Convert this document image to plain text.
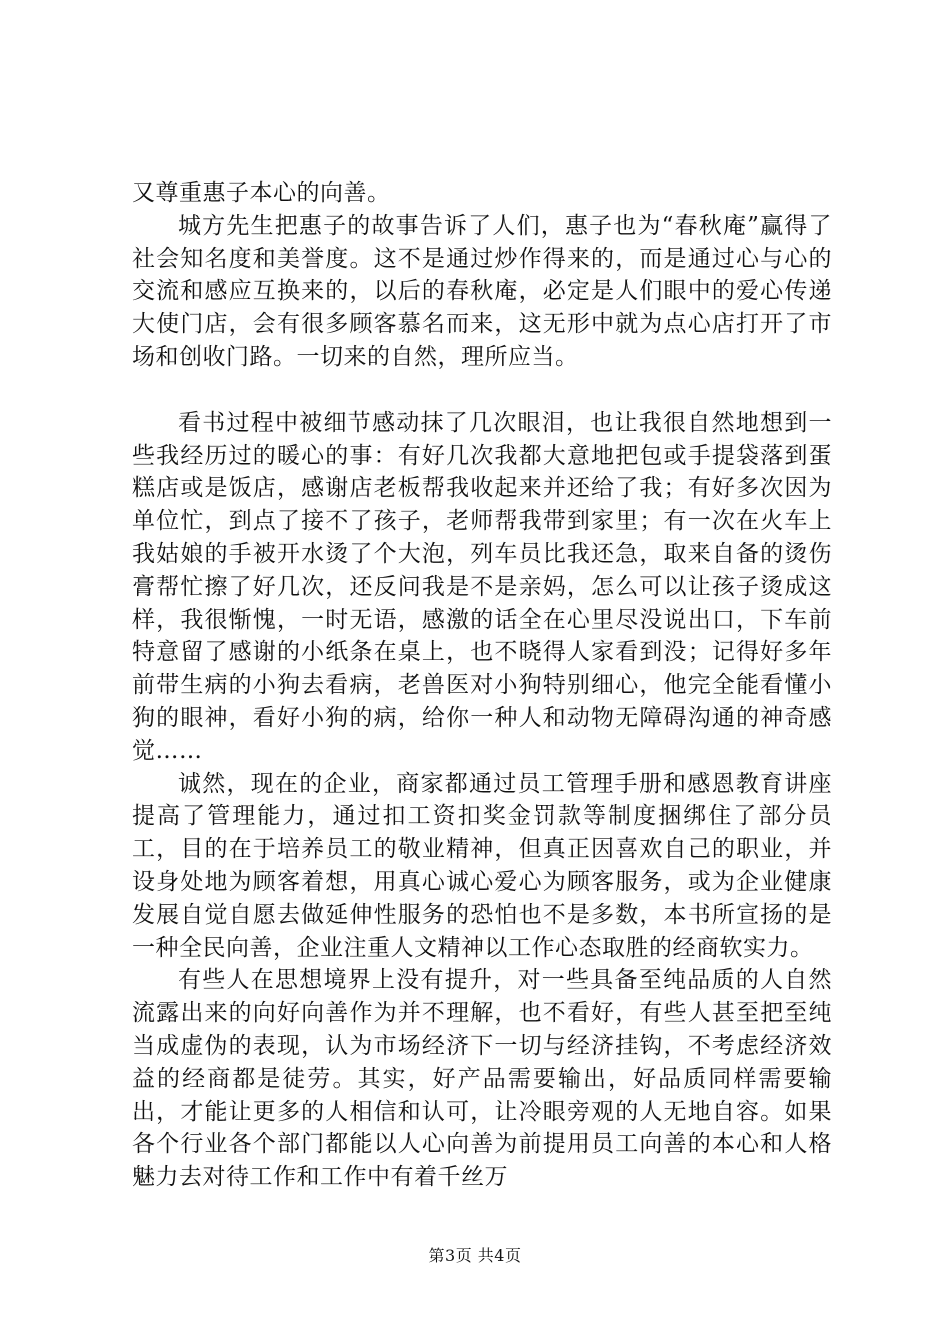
又尊重惠子本心的向善。

城方先生把惠子的故事告诉了人们，惠子也为“春秋庵”赢得了社会知名度和美誉度。这不是通过炒作得来的，而是通过心与心的交流和感应互换来的，以后的春秋庵，必定是人们眼中的爱心传递大使门店，会有很多顾客慕名而来，这无形中就为点心店打开了市场和创收门路。一切来的自然，理所应当。

看书过程中被细节感动抹了几次眼泪，也让我很自然地想到一些我经历过的暖心的事：有好几次我都大意地把包或手提袋落到蛋糕店或是饭店，感谢店老板帮我收起来并还给了我；有好多次因为单位忙，到点了接不了孩子，老师帮我带到家里；有一次在火车上我姑娘的手被开水烫了个大泡，列车员比我还急，取来自备的烫伤膏帮忙擦了好几次，还反问我是不是亲妈，怎么可以让孩子烫成这样，我很惭愧，一时无语，感激的话全在心里尽没说出口，下车前特意留了感谢的小纸条在桌上，也不晓得人家看到没；记得好多年前带生病的小狗去看病，老兽医对小狗特别细心，他完全能看懂小狗的眼神，看好小狗的病，给你一种人和动物无障碍沟通的神奇感觉……

诚然，现在的企业，商家都通过员工管理手册和感恩教育讲座提高了管理能力，通过扣工资扣奖金罚款等制度捆绑住了部分员工，目的在于培养员工的敬业精神，但真正因喜欢自己的职业，并设身处地为顾客着想，用真心诚心爱心为顾客服务，或为企业健康发展自觉自愿去做延伸性服务的恐怕也不是多数，本书所宣扬的是一种全民向善，企业注重人文精神以工作心态取胜的经商软实力。

有些人在思想境界上没有提升，对一些具备至纯品质的人自然流露出来的向好向善作为并不理解，也不看好，有些人甚至把至纯当成虚伪的表现，认为市场经济下一切与经济挂钩，不考虑经济效益的经商都是徒劳。其实，好产品需要输出，好品质同样需要输出，才能让更多的人相信和认可，让冷眼旁观的人无地自容。如果各个行业各个部门都能以人心向善为前提用员工向善的本心和人格魅力去对待工作和工作中有着千丝万

第3页 共4页
